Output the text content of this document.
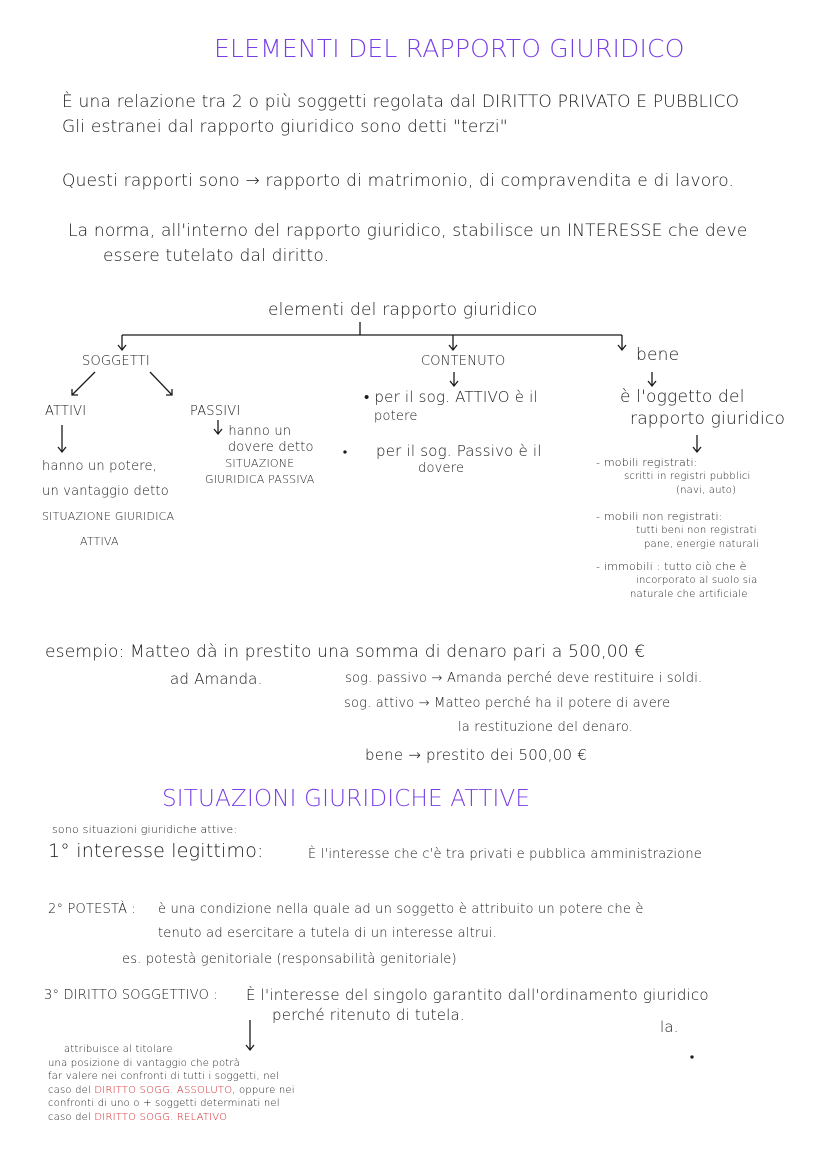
ELEMENTI DEL RAPPORTO GIURIDICO
È una relazione tra 2 o più soggetti regolata dal DIRITTO PRIVATO E PUBBLICO
Gli estranei dal rapporto giuridico sono detti "terzi"
Questi rapporti sono → rapporto di matrimonio, di compravendita e di lavoro.
La norma, all'interno del rapporto giuridico, stabilisce un INTERESSE che deve
essere tutelato dal diritto.
elementi del rapporto giuridico
SOGGETTI	CONTENUTO	bene
ATTIVI	PASSIVI
hanno un potere,
un vantaggio detto
SITUAZIONE GIURIDICA
ATTIVA
hanno un
dovere detto
SITUAZIONE
GIURIDICA PASSIVA
• per il sog. ATTIVO è il
potere
per il sog. Passivo è il
dovere
è l'oggetto del
rapporto giuridico
- mobili registrati:
scritti in registri pubblici
(navi, auto)
- mobili non registrati:
tutti beni non registrati
pane, energie naturali
- immobili : tutto ciò che è
incorporato al suolo sia
naturale che artificiale
esempio: Matteo dà in prestito una somma di denaro pari a 500,00 €
ad Amanda.	sog. passivo → Amanda perché deve restituire i soldi.
sog. attivo → Matteo perché ha il potere di avere
la restituzione del denaro.
bene → prestito dei 500,00 €
SITUAZIONI GIURIDICHE ATTIVE
sono situazioni giuridiche attive:
1° interesse legittimo:	È l'interesse che c'è tra privati e pubblica amministrazione
2° POTESTÀ : è una condizione nella quale ad un soggetto è attribuito un potere che è
tenuto ad esercitare a tutela di un interesse altrui.
es. potestà genitoriale (responsabilità genitoriale)
3° DIRITTO SOGGETTIVO : È l'interesse del singolo garantito dall'ordinamento giuridico
perché ritenuto di tutela.
la.
attribuisce al titolare
una posizione di vantaggio che potrà
far valere nei confronti di tutti i soggetti, nel
caso del DIRITTO SOGG. ASSOLUTO, oppure nei
confronti di uno o + soggetti determinati nel
caso del DIRITTO SOGG. RELATIVO
